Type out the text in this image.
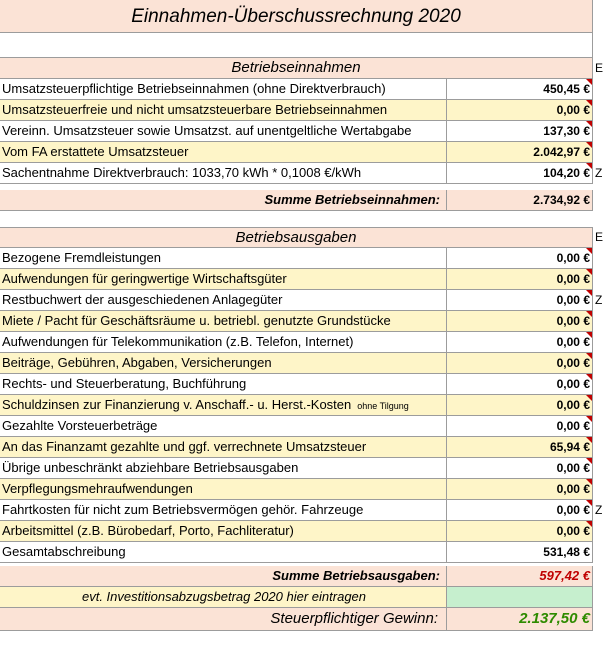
Einnahmen-Überschussrechnung 2020
Betriebseinnahmen	E
Umsatzsteuerpflichtige Betriebseinnahmen (ohne Direktverbrauch)	450,45 €
Umsatzsteuerfreie und nicht umsatzsteuerbare Betriebseinnahmen	0,00 €
Vereinn. Umsatzsteuer sowie Umsatzst. auf unentgeltliche Wertabgabe	137,30 €
Vom FA erstattete Umsatzsteuer	2.042,97 €
Sachentnahme Direktverbrauch: 1033,70 kWh * 0,1008 €/kWh	104,20 € Z
Summe Betriebseinnahmen:	2.734,92 €
Betriebsausgaben	E
Bezogene Fremdleistungen	0,00 €
Aufwendungen für geringwertige Wirtschaftsgüter	0,00 €
Restbuchwert der ausgeschiedenen Anlagegüter	0,00 € Z
Miete / Pacht für Geschäftsräume u. betriebl. genutzte Grundstücke	0,00 €
Aufwendungen für Telekommunikation (z.B. Telefon, Internet)	0,00 €
Beiträge, Gebühren, Abgaben, Versicherungen	0,00 €
Rechts- und Steuerberatung, Buchführung	0,00 €
Schuldzinsen zur Finanzierung v. Anschaff.- u. Herst.-Kosten ohne Tilgung	0,00 €
Gezahlte Vorsteuerbeträge	0,00 €
An das Finanzamt gezahlte und ggf. verrechnete Umsatzsteuer	65,94 €
Übrige unbeschränkt abziehbare Betriebsausgaben	0,00 €
Verpflegungsmehraufwendungen	0,00 €
Fahrtkosten für nicht zum Betriebsvermögen gehör. Fahrzeuge	0,00 € Z
Arbeitsmittel (z.B. Bürobedarf, Porto, Fachliteratur)	0,00 €
Gesamtabschreibung	531,48 €
Summe Betriebsausgaben:	597,42 €
evt. Investitionsabzugsbetrag 2020 hier eintragen
Steuerpflichtiger Gewinn:	2.137,50 €
